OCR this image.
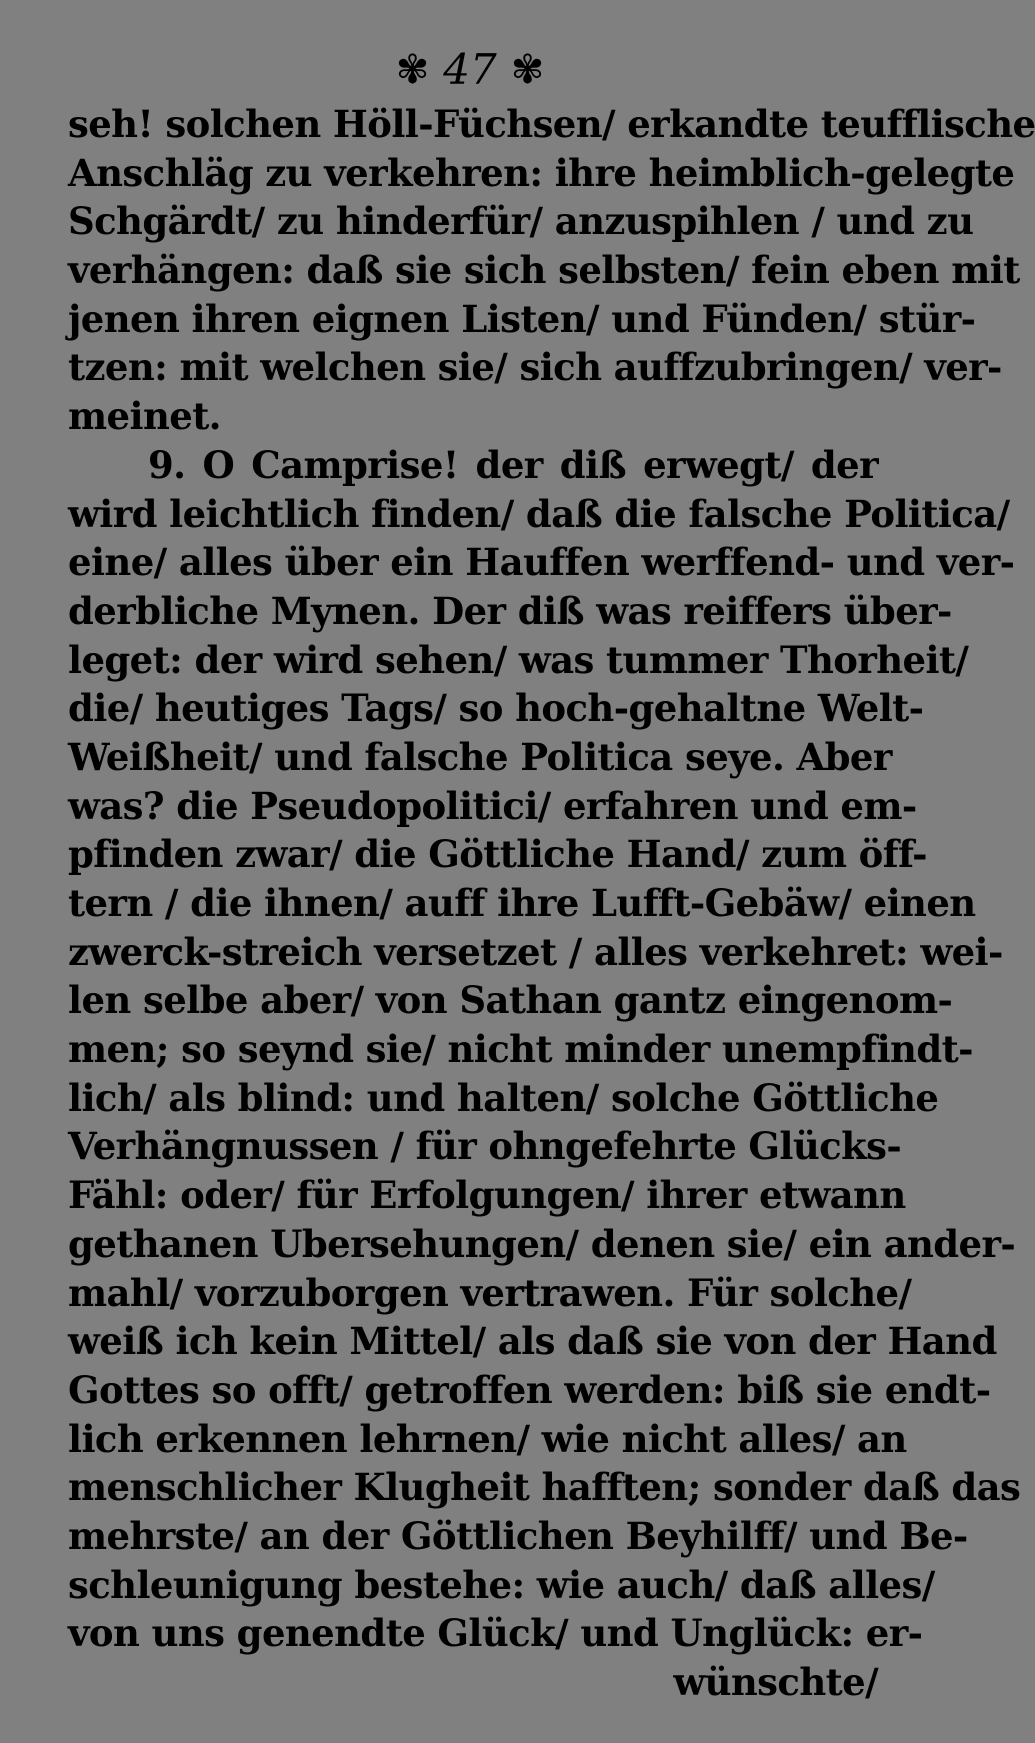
✾ 47 ✾
seh! solchen Höll-Füchsen/ erkandte teufflische
Anschläg zu verkehren: ihre heimblich-gelegte
Schgärdt/ zu hinderfür/ anzuspihlen / und zu
verhängen: daß sie sich selbsten/ fein eben mit
jenen ihren eignen Listen/ und Fünden/ stür-
tzen: mit welchen sie/ sich auffzubringen/ ver-
meinet.
9. O Camprise! der diß erwegt/ der
wird leichtlich finden/ daß die falsche Politica/
eine/ alles über ein Hauffen werffend- und ver-
derbliche Mynen. Der diß was reiffers über-
leget: der wird sehen/ was tummer Thorheit/
die/ heutiges Tags/ so hoch-gehaltne Welt-
Weißheit/ und falsche Politica seye. Aber
was? die Pseudopolitici/ erfahren und em-
pfinden zwar/ die Göttliche Hand/ zum öff-
tern / die ihnen/ auff ihre Lufft-Gebäw/ einen
zwerck-streich versetzet / alles verkehret: wei-
len selbe aber/ von Sathan gantz eingenom-
men; so seynd sie/ nicht minder unempfindt-
lich/ als blind: und halten/ solche Göttliche
Verhängnussen / für ohngefehrte Glücks-
Fähl: oder/ für Erfolgungen/ ihrer etwann
gethanen Ubersehungen/ denen sie/ ein ander-
mahl/ vorzuborgen vertrawen. Für solche/
weiß ich kein Mittel/ als daß sie von der Hand
Gottes so offt/ getroffen werden: biß sie endt-
lich erkennen lehrnen/ wie nicht alles/ an
menschlicher Klugheit hafften; sonder daß das
mehrste/ an der Göttlichen Beyhilff/ und Be-
schleunigung bestehe: wie auch/ daß alles/
von uns genendte Glück/ und Unglück: er-
wünschte/
